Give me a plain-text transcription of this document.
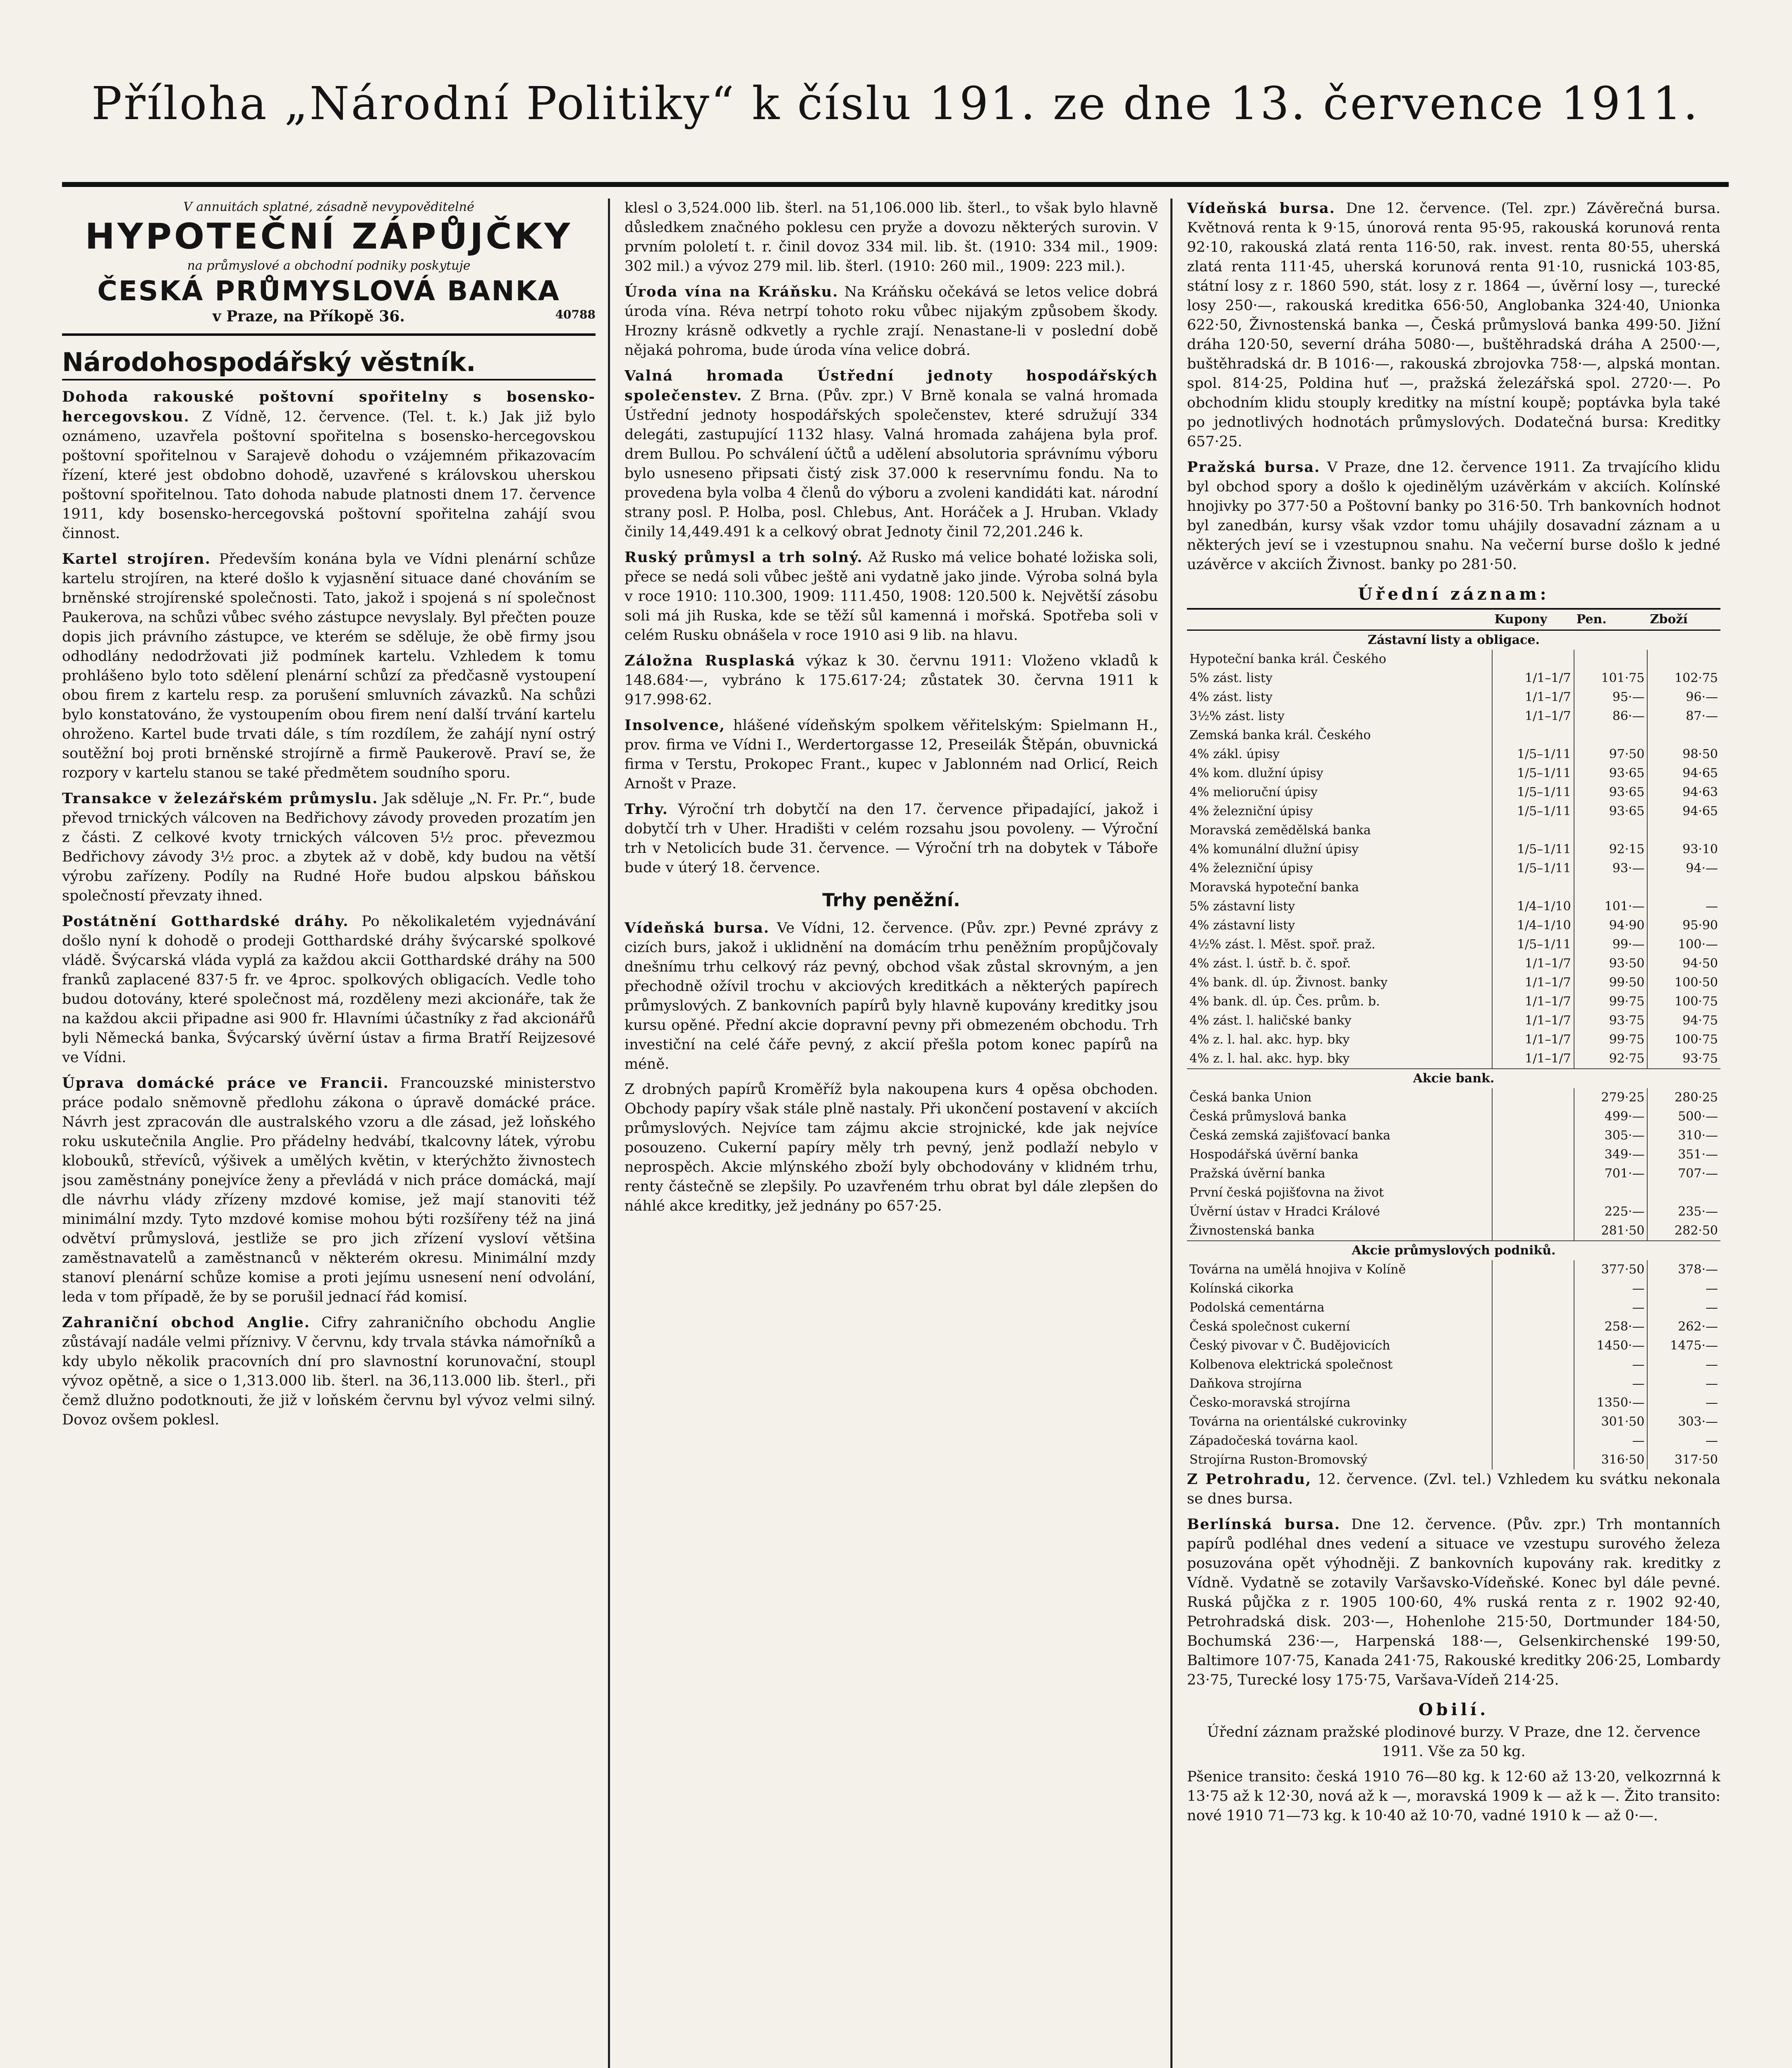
Příloha „Národní Politiky“ k číslu 191. ze dne 13. července 1911.
V annuitách splatné, zásadně nevypověditelné
HYPOTEČNÍ ZÁPŮJČKY
na průmyslové a obchodní podniky poskytuje
ČESKÁ PRŮMYSLOVÁ BANKA
v Praze, na Příkopě 36.	40788
Národohospodářský věstník.

Dohoda rakouské poštovní spořitelny s bosensko-hercegovskou. Z Vídně, 12. července. (Tel. t. k.) Jak již bylo oznámeno, uzavřela poštovní spořitelna s bosensko-hercegovskou poštovní spořitelnou v Sarajevě dohodu o vzájemném přikazovacím řízení, které jest obdobno dohodě, uzavřené s královskou uherskou poštovní spořitelnou. Tato dohoda nabude platnosti dnem 17. července 1911, kdy bosensko-hercegovská poštovní spořitelna zahájí svou činnost.

Kartel strojíren. Především konána byla ve Vídni plenární schůze kartelu strojíren, na které došlo k vyjasnění situace dané chováním se brněnské strojírenské společnosti. Tato, jakož i spojená s ní společnost Paukerova, na schůzi vůbec svého zástupce nevyslaly. Byl přečten pouze dopis jich právního zástupce, ve kterém se sděluje, že obě firmy jsou odhodlány nedodržovati již podmínek kartelu. Vzhledem k tomu prohlášeno bylo toto sdělení plenární schůzí za předčasně vystoupení obou firem z kartelu resp. za porušení smluvních závazků. Na schůzi bylo konstatováno, že vystoupením obou firem není další trvání kartelu ohroženo. Kartel bude trvati dále, s tím rozdílem, že zahájí nyní ostrý soutěžní boj proti brněnské strojírně a firmě Paukerově. Praví se, že rozpory v kartelu stanou se také předmětem soudního sporu.

Transakce v železářském průmyslu. Jak sděluje „N. Fr. Pr.“, bude převod trnických válcoven na Bedřichovy závody proveden prozatím jen z části. Z celkové kvoty trnických válcoven 5½ proc. převezmou Bedřichovy závody 3½ proc. a zbytek až v době, kdy budou na větší výrobu zařízeny. Podíly na Rudné Hoře budou alpskou báňskou společností převzaty ihned.

Postátnění Gotthardské dráhy. Po několikaletém vyjednávání došlo nyní k dohodě o prodeji Gotthardské dráhy švýcarské spolkové vládě. Švýcarská vláda vyplá za každou akcii Gotthardské dráhy na 500 franků zaplacené 837·5 fr. ve 4proc. spolkových obligacích. Vedle toho budou dotovány, které společnost má, rozděleny mezi akcionáře, tak že na každou akcii připadne asi 900 fr. Hlavními účastníky z řad akcionářů byli Německá banka, Švýcarský úvěrní ústav a firma Bratří Reijzesové ve Vídni.

Úprava domácké práce ve Francii. Francouzské ministerstvo práce podalo sněmovně předlohu zákona o úpravě domácké práce. Návrh jest zpracován dle australského vzoru a dle zásad, jež loňského roku uskutečnila Anglie. Pro přádelny hedvábí, tkalcovny látek, výrobu klobouků, střevíců, výšivek a umělých květin, v kterýchžto živnostech jsou zaměstnány ponejvíce ženy a převládá v nich práce domácká, mají dle návrhu vlády zřízeny mzdové komise, jež mají stanoviti též minimální mzdy. Tyto mzdové komise mohou býti rozšířeny též na jiná odvětví průmyslová, jestliže se pro jich zřízení vysloví většina zaměstnavatelů a zaměstnanců v některém okresu. Minimální mzdy stanoví plenární schůze komise a proti jejímu usnesení není odvolání, leda v tom případě, že by se porušil jednací řád komisí.

Zahraniční obchod Anglie. Cifry zahraničního obchodu Anglie zůstávají nadále velmi příznivy. V červnu, kdy trvala stávka námořníků a kdy ubylo několik pracovních dní pro slavnostní korunovační, stoupl vývoz opětně, a sice o 1,313.000 lib. šterl. na 36,113.000 lib. šterl., při čemž dlužno podotknouti, že již v loňském červnu byl vývoz velmi silný. Dovoz ovšem poklesl.

klesl o 3,524.000 lib. šterl. na 51,106.000 lib. šterl., to však bylo hlavně důsledkem značného poklesu cen pryže a dovozu některých surovin. V prvním pololetí t. r. činil dovoz 334 mil. lib. št. (1910: 334 mil., 1909: 302 mil.) a vývoz 279 mil. lib. šterl. (1910: 260 mil., 1909: 223 mil.).

Úroda vína na Kráňsku. Na Kráňsku očekává se letos velice dobrá úroda vína. Réva netrpí tohoto roku vůbec nijakým způsobem škody. Hrozny krásně odkvetly a rychle zrají. Nenastane-li v poslední době nějaká pohroma, bude úroda vína velice dobrá.

Valná hromada Ústřední jednoty hospodářských společenstev. Z Brna. (Pův. zpr.) V Brně konala se valná hromada Ústřední jednoty hospodářských společenstev, které sdružují 334 delegáti, zastupující 1132 hlasy. Valná hromada zahájena byla prof. drem Bullou. Po schválení účtů a udělení absolutoria správnímu výboru bylo usneseno připsati čistý zisk 37.000 k reservnímu fondu. Na to provedena byla volba 4 členů do výboru a zvoleni kandidáti kat. národní strany posl. P. Holba, posl. Chlebus, Ant. Horáček a J. Hruban. Vklady činily 14,449.491 k a celkový obrat Jednoty činil 72,201.246 k.

Ruský průmysl a trh solný. Až Rusko má velice bohaté ložiska soli, přece se nedá soli vůbec ještě ani vydatně jako jinde. Výroba solná byla v roce 1910: 110.300, 1909: 111.450, 1908: 120.500 k. Největší zásobu soli má jih Ruska, kde se těží sůl kamenná i mořská. Spotřeba soli v celém Rusku obnášela v roce 1910 asi 9 lib. na hlavu.

Záložna Rusplaská výkaz k 30. červnu 1911: Vloženo vkladů k 148.684·—, vybráno k 175.617·24; zůstatek 30. června 1911 k 917.998·62.

Insolvence, hlášené vídeňským spolkem věřitelským: Spielmann H., prov. firma ve Vídni I., Werdertorgasse 12, Preseilák Štěpán, obuvnická firma v Terstu, Prokopec Frant., kupec v Jablonném nad Orlicí, Reich Arnošt v Praze.

Trhy. Výroční trh dobytčí na den 17. července připadající, jakož i dobytčí trh v Uher. Hradišti v celém rozsahu jsou povoleny. — Výroční trh v Netolicích bude 31. července. — Výroční trh na dobytek v Táboře bude v úterý 18. července.

Trhy peněžní.

Vídeňská bursa. Ve Vídni, 12. července. (Pův. zpr.) Pevné zprávy z cizích burs, jakož i uklidnění na domácím trhu peněžním propůjčovaly dnešnímu trhu celkový ráz pevný, obchod však zůstal skrovným, a jen přechodně ožívil trochu v akciových kreditkách a některých papírech průmyslových. Z bankovních papírů byly hlavně kupovány kreditky jsou kursu opěné. Přední akcie dopravní pevny při obmezeném obchodu. Trh investiční na celé čáře pevný, z akcií přešla potom konec papírů na méně.

Z drobných papírů Kroměříž byla nakoupena kurs 4 opěsa obchoden. Obchody papíry však stále plně nastaly. Při ukončení postavení v akciích průmyslových. Nejvíce tam zájmu akcie strojnické, kde jak nejvíce posouzeno. Cukerní papíry měly trh pevný, jenž podlaží nebylo v neprospěch. Akcie mlýnského zboží byly obchodovány v klidném trhu, renty částečně se zlepšily. Po uzavřeném trhu obrat byl dále zlepšen do náhlé akce kreditky, jež jednány po 657·25.

Vídeňská bursa. Dne 12. července. (Tel. zpr.) Závěrečná bursa. Květnová renta k 9·15, únorová renta 95·95, rakouská korunová renta 92·10, rakouská zlatá renta 116·50, rak. invest. renta 80·55, uherská zlatá renta 111·45, uherská korunová renta 91·10, rusnická 103·85, státní losy z r. 1860 590, stát. losy z r. 1864 —, úvěrní losy —, turecké losy 250·—, rakouská kreditka 656·50, Anglobanka 324·40, Unionka 622·50, Živnostenská banka —, Česká průmyslová banka 499·50. Jižní dráha 120·50, severní dráha 5080·—, buštěhradská dráha A 2500·—, buštěhradská dr. B 1016·—, rakouská zbrojovka 758·—, alpská montan. spol. 814·25, Poldina huť —, pražská železářská spol. 2720·—. Po obchodním klidu stouply kreditky na místní koupě; poptávka byla také po jednotlivých hodnotách průmyslových. Dodatečná bursa: Kreditky 657·25.

Pražská bursa. V Praze, dne 12. července 1911. Za trvajícího klidu byl obchod spory a došlo k ojedinělým uzávěrkám v akciích. Kolínské hnojivky po 377·50 a Poštovní banky po 316·50. Trh bankovních hodnot byl zanedbán, kursy však vzdor tomu uhájily dosavadní záznam a u některých jeví se i vzestupnou snahu. Na večerní burse došlo k jedné uzávěrce v akciích Živnost. banky po 281·50.

Úřední záznam:
	Kupony	Pen.	Zboží
Zástavní listy a obligace.			
Hypoteční banka král. Českého			
5% zást. listy	1/1–1/7	101·75	102·75
4% zást. listy	1/1–1/7	95·—	96·—
3½% zást. listy	1/1–1/7	86·—	87·—
Zemská banka král. Českého			
4% zákl. úpisy	1/5–1/11	97·50	98·50
4% kom. dlužní úpisy	1/5–1/11	93·65	94·65
4% melioruční úpisy	1/5–1/11	93·65	94·63
4% železniční úpisy	1/5–1/11	93·65	94·65
Moravská zemědělská banka			
4% komunální dlužní úpisy	1/5–1/11	92·15	93·10
4% železniční úpisy	1/5–1/11	93·—	94·—
Moravská hypoteční banka			
5% zástavní listy	1/4–1/10	101·—	—
4% zástavní listy	1/4–1/10	94·90	95·90
4½% zást. l. Měst. spoř. praž.	1/5–1/11	99·—	100·—
4% zást. l. ústř. b. č. spoř.	1/1–1/7	93·50	94·50
4% bank. dl. úp. Živnost. banky	1/1–1/7	99·50	100·50
4% bank. dl. úp. Čes. prům. b.	1/1–1/7	99·75	100·75
4% zást. l. haličské banky	1/1–1/7	93·75	94·75
4% z. l. hal. akc. hyp. bky	1/1–1/7	99·75	100·75
4% z. l. hal. akc. hyp. bky	1/1–1/7	92·75	93·75
Akcie bank.			
Česká banka Union		279·25	280·25
Česká průmyslová banka		499·—	500·—
Česká zemská zajišťovací banka		305·—	310·—
Hospodářská úvěrní banka		349·—	351·—
Pražská úvěrní banka		701·—	707·—
První česká pojišťovna na život			
Úvěrní ústav v Hradci Králové		225·—	235·—
Živnostenská banka		281·50	282·50
Akcie průmyslových podniků.			
Továrna na umělá hnojiva v Kolíně		377·50	378·—
Kolínská cikorka		—	—
Podolská cementárna		—	—
Česká společnost cukerní		258·—	262·—
Český pivovar v Č. Budějovicích		1450·—	1475·—
Kolbenova elektrická společnost		—	—
Daňkova strojírna		—	—
Česko-moravská strojírna		1350·—	—
Továrna na orientálské cukrovinky		301·50	303·—
Západočeská továrna kaol.		—	—
Strojírna Ruston-Bromovský		316·50	317·50

Z Petrohradu, 12. července. (Zvl. tel.) Vzhledem ku svátku nekonala se dnes bursa.

Berlínská bursa. Dne 12. července. (Pův. zpr.) Trh montanních papírů podléhal dnes vedení a situace ve vzestupu surového železa posuzována opět výhodněji. Z bankovních kupovány rak. kreditky z Vídně. Vydatně se zotavily Varšavsko-Vídeňské. Konec byl dále pevné. Ruská půjčka z r. 1905 100·60, 4% ruská renta z r. 1902 92·40, Petrohradská disk. 203·—, Hohenlohe 215·50, Dortmunder 184·50, Bochumská 236·—, Harpenská 188·—, Gelsenkirchenské 199·50, Baltimore 107·75, Kanada 241·75, Rakouské kreditky 206·25, Lombardy 23·75, Turecké losy 175·75, Varšava-Vídeň 214·25.

Obilí.
Úřední záznam pražské plodinové burzy. V Praze, dne 12. července 1911. Vše za 50 kg.
Pšenice transito: česká 1910 76—80 kg. k 12·60 až 13·20, velkozrnná k 13·75 až k 12·30, nová až k —, moravská 1909 k — až k —. Žito transito: nové 1910 71—73 kg. k 10·40 až 10·70, vadné 1910 k — až 0·—.
